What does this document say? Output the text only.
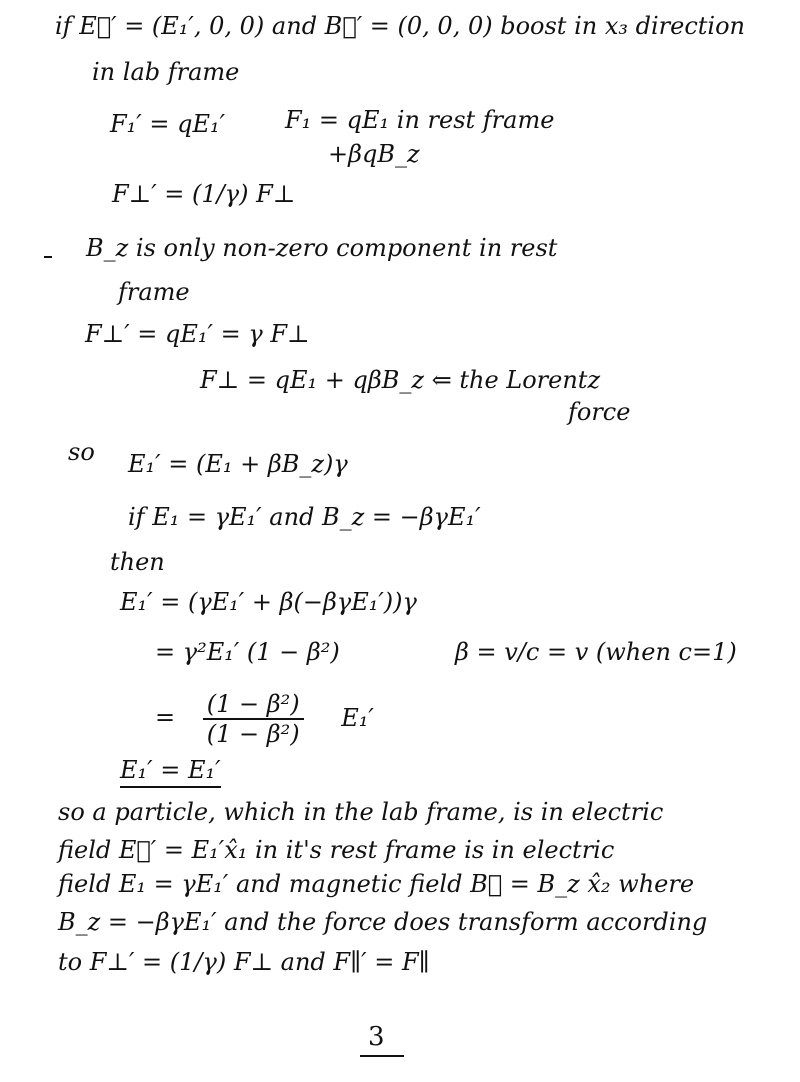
if E⃗′ = (E₁′, 0, 0) and B⃗′ = (0, 0, 0) boost in x₃ direction
in lab frame
F₁′ = qE₁′ F₁ = qE₁ in rest frame
+βqB_z
F⊥′ = (1/γ) F⊥
B_z is only non-zero component in rest
frame
F⊥′ = qE₁′ = γ F⊥
F⊥ = qE₁ + qβB_z ⇐ the Lorentz
force
so E₁′ = (E₁ + βB_z)γ
if E₁ = γE₁′ and B_z = −βγE₁′
then
E₁′ = (γE₁′ + β(−βγE₁′))γ
= γ²E₁′ (1 − β²)	β = v/c = v (when c=1)
= $\frac{\text{(1 − β²)}}{\text{(1 − β²)}} E_1'$
E₁′ = E₁′
so a particle, which in the lab frame, is in electric
field E⃗′ = E₁′x̂₁ in it's rest frame is in electric
field E₁ = γE₁′ and magnetic field B⃗ = B_z x̂₂ where
B_z = −βγE₁′ and the force does transform according
to F⊥′ = (1/γ) F⊥ and F∥′ = F∥
3
